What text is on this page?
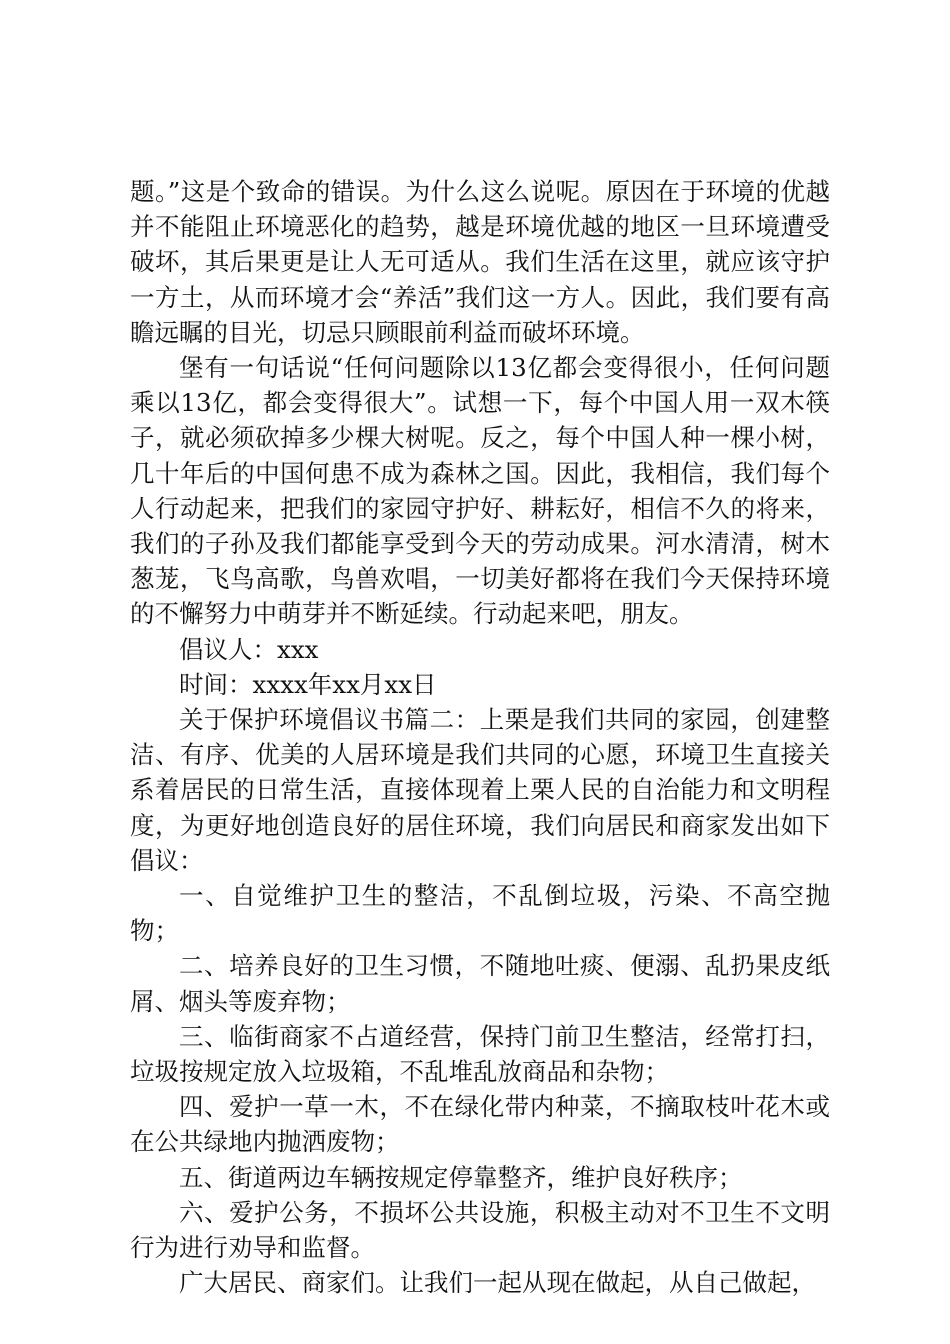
题。”这是个致命的错误。为什么这么说呢。原因在于环境的优越并不能阻止环境恶化的趋势，越是环境优越的地区一旦环境遭受破坏，其后果更是让人无可适从。我们生活在这里，就应该守护一方土，从而环境才会“养活”我们这一方人。因此，我们要有高瞻远瞩的目光，切忌只顾眼前利益而破坏环境。

堡有一句话说“任何问题除以13亿都会变得很小，任何问题乘以13亿，都会变得很大”。试想一下，每个中国人用一双木筷子，就必须砍掉多少棵大树呢。反之，每个中国人种一棵小树，几十年后的中国何患不成为森林之国。因此，我相信，我们每个人行动起来，把我们的家园守护好、耕耘好，相信不久的将来，我们的子孙及我们都能享受到今天的劳动成果。河水清清，树木葱茏，飞鸟高歌，鸟兽欢唱，一切美好都将在我们今天保持环境的不懈努力中萌芽并不断延续。行动起来吧，朋友。

倡议人：xxx

时间：xxxx年xx月xx日

关于保护环境倡议书篇二：上栗是我们共同的家园，创建整洁、有序、优美的人居环境是我们共同的心愿，环境卫生直接关系着居民的日常生活，直接体现着上栗人民的自治能力和文明程度，为更好地创造良好的居住环境，我们向居民和商家发出如下倡议：

一、自觉维护卫生的整洁，不乱倒垃圾，污染、不高空抛物；

二、培养良好的卫生习惯，不随地吐痰、便溺、乱扔果皮纸屑、烟头等废弃物；

三、临街商家不占道经营，保持门前卫生整洁，经常打扫，垃圾按规定放入垃圾箱，不乱堆乱放商品和杂物；

四、爱护一草一木，不在绿化带内种菜，不摘取枝叶花木或在公共绿地内抛洒废物；

五、街道两边车辆按规定停靠整齐，维护良好秩序；

六、爱护公务，不损坏公共设施，积极主动对不卫生不文明行为进行劝导和监督。

广大居民、商家们。让我们一起从现在做起，从自己做起，
